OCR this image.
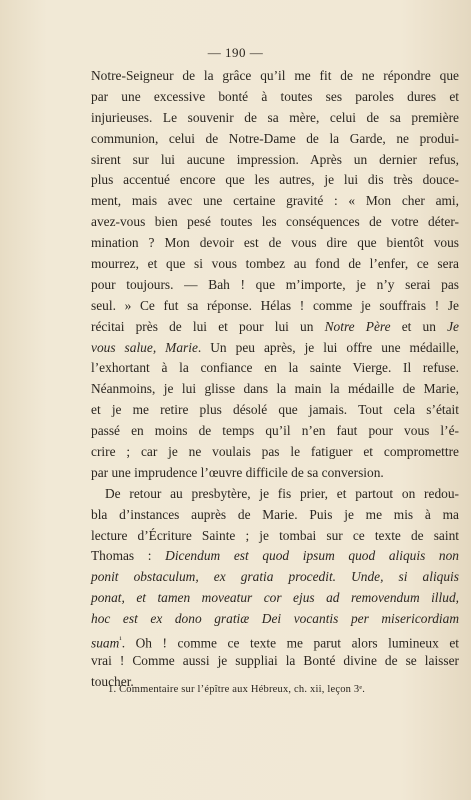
— 190 —
Notre-Seigneur de la grâce qu’il me fit de ne répondre que
par une excessive bonté à toutes ses paroles dures et
injurieuses. Le souvenir de sa mère, celui de sa première
communion, celui de Notre-Dame de la Garde, ne produi-
sirent sur lui aucune impression. Après un dernier refus,
plus accentué encore que les autres, je lui dis très douce-
ment, mais avec une certaine gravité : « Mon cher ami,
avez-vous bien pesé toutes les conséquences de votre déter-
mination ? Mon devoir est de vous dire que bientôt vous
mourrez, et que si vous tombez au fond de l’enfer, ce sera
pour toujours. — Bah ! que m’importe, je n’y serai pas
seul. » Ce fut sa réponse. Hélas ! comme je souffrais ! Je
récitai près de lui et pour lui un Notre Père et un Je
vous salue, Marie. Un peu après, je lui offre une médaille,
l’exhortant à la confiance en la sainte Vierge. Il refuse.
Néanmoins, je lui glisse dans la main la médaille de Marie,
et je me retire plus désolé que jamais. Tout cela s’était
passé en moins de temps qu’il n’en faut pour vous l’é-
crire ; car je ne voulais pas le fatiguer et compromettre
par une imprudence l’œuvre difficile de sa conversion.
De retour au presbytère, je fis prier, et partout on redou-
bla d’instances auprès de Marie. Puis je me mis à ma
lecture d’Écriture Sainte ; je tombai sur ce texte de saint
Thomas : Dicendum est quod ipsum quod aliquis non
ponit obstaculum, ex gratia procedit. Unde, si aliquis
ponat, et tamen moveatur cor ejus ad removendum illud,
hoc est ex dono gratiæ Dei vocantis per misericordiam
suam$^{^1}$. Oh ! comme ce texte me parut alors lumineux et
vrai ! Comme aussi je suppliai la Bonté divine de se laisser
toucher.
1. Commentaire sur l’épître aux Hébreux, ch. xii, leçon 3ᵉ.
